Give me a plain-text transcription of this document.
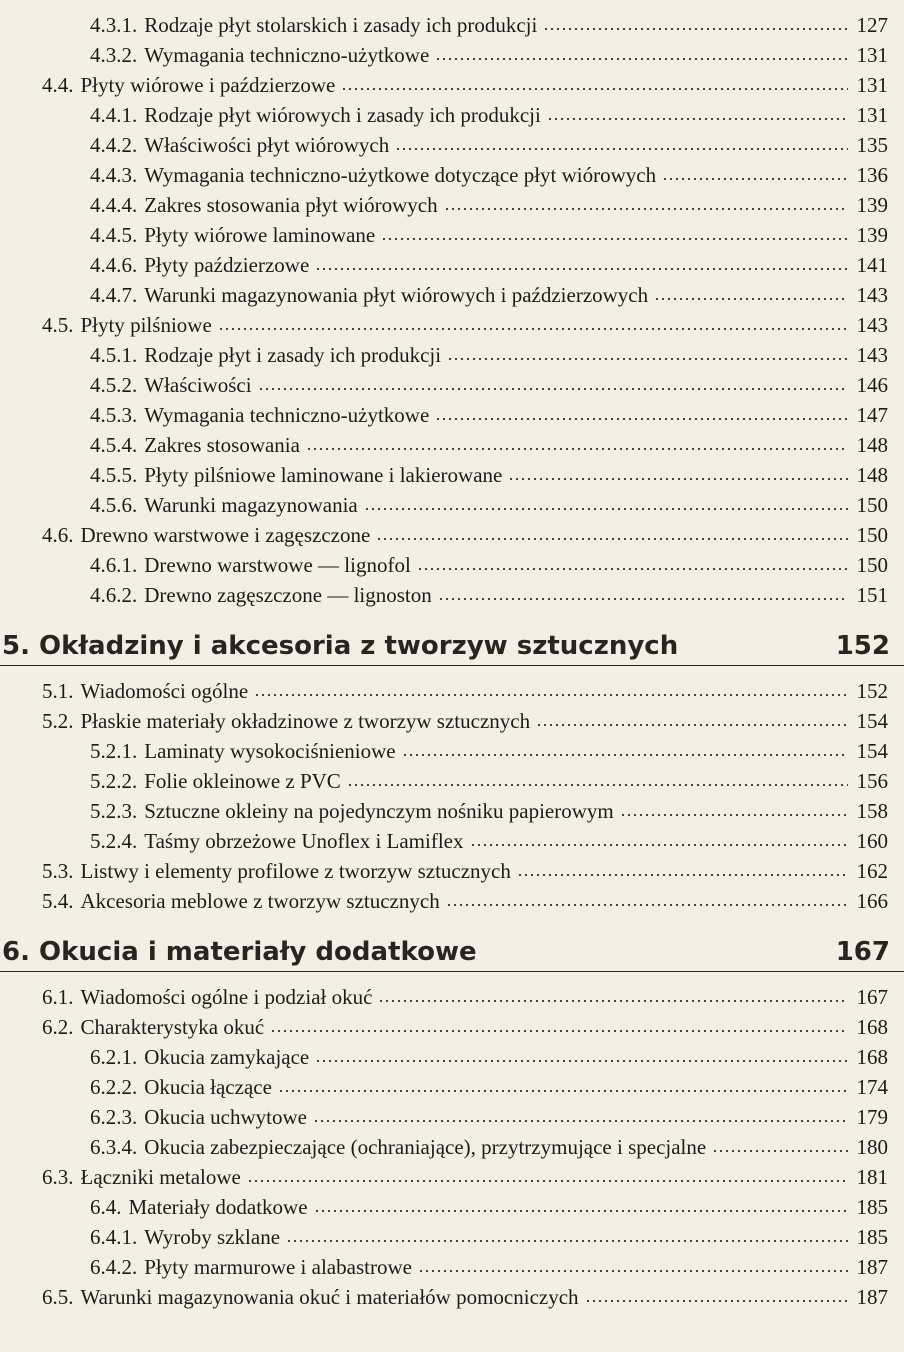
4.3.1. Rodzaje płyt stolarskich i zasady ich produkcji	127
4.3.2. Wymagania techniczno-użytkowe	131
4.4. Płyty wiórowe i paździerzowe	131
4.4.1. Rodzaje płyt wiórowych i zasady ich produkcji	131
4.4.2. Właściwości płyt wiórowych	135
4.4.3. Wymagania techniczno-użytkowe dotyczące płyt wiórowych	136
4.4.4. Zakres stosowania płyt wiórowych	139
4.4.5. Płyty wiórowe laminowane	139
4.4.6. Płyty paździerzowe	141
4.4.7. Warunki magazynowania płyt wiórowych i paździerzowych	143
4.5. Płyty pilśniowe	143
4.5.1. Rodzaje płyt i zasady ich produkcji	143
4.5.2. Właściwości	146
4.5.3. Wymagania techniczno-użytkowe	147
4.5.4. Zakres stosowania	148
4.5.5. Płyty pilśniowe laminowane i lakierowane	148
4.5.6. Warunki magazynowania	150
4.6. Drewno warstwowe i zagęszczone	150
4.6.1. Drewno warstwowe — lignofol	150
4.6.2. Drewno zagęszczone — lignoston	151
5. Okładziny i akcesoria z tworzyw sztucznych	152
5.1. Wiadomości ogólne	152
5.2. Płaskie materiały okładzinowe z tworzyw sztucznych	154
5.2.1. Laminaty wysokociśnieniowe	154
5.2.2. Folie okleinowe z PVC	156
5.2.3. Sztuczne okleiny na pojedynczym nośniku papierowym	158
5.2.4. Taśmy obrzeżowe Unoflex i Lamiflex	160
5.3. Listwy i elementy profilowe z tworzyw sztucznych	162
5.4. Akcesoria meblowe z tworzyw sztucznych	166
6. Okucia i materiały dodatkowe	167
6.1. Wiadomości ogólne i podział okuć	167
6.2. Charakterystyka okuć	168
6.2.1. Okucia zamykające	168
6.2.2. Okucia łączące	174
6.2.3. Okucia uchwytowe	179
6.3.4. Okucia zabezpieczające (ochraniające), przytrzymujące i specjalne	180
6.3. Łączniki metalowe	181
6.4. Materiały dodatkowe	185
6.4.1. Wyroby szklane	185
6.4.2. Płyty marmurowe i alabastrowe	187
6.5. Warunki magazynowania okuć i materiałów pomocniczych	187
